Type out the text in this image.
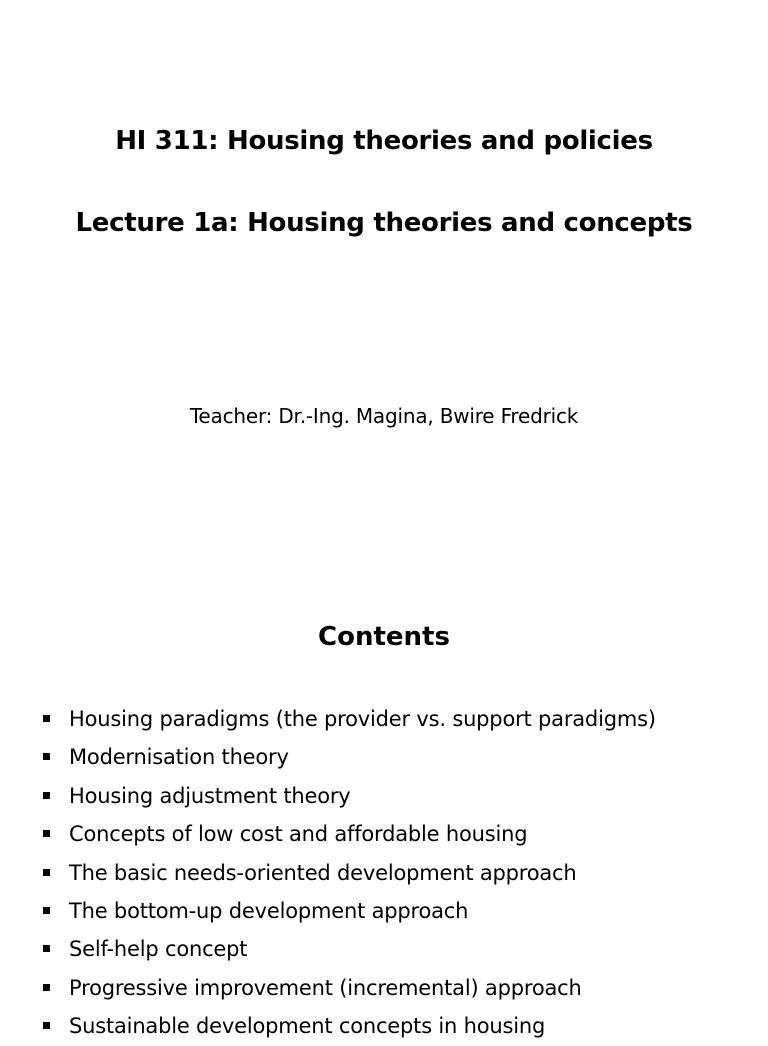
HI 311: Housing theories and policies
Lecture 1a: Housing theories and concepts
Teacher: Dr.-Ing. Magina, Bwire Fredrick
Contents
Housing paradigms (the provider vs. support paradigms)
Modernisation theory
Housing adjustment theory
Concepts of low cost and affordable housing
The basic needs-oriented development approach
The bottom-up development approach
Self-help concept
Progressive improvement (incremental) approach
Sustainable development concepts in housing
